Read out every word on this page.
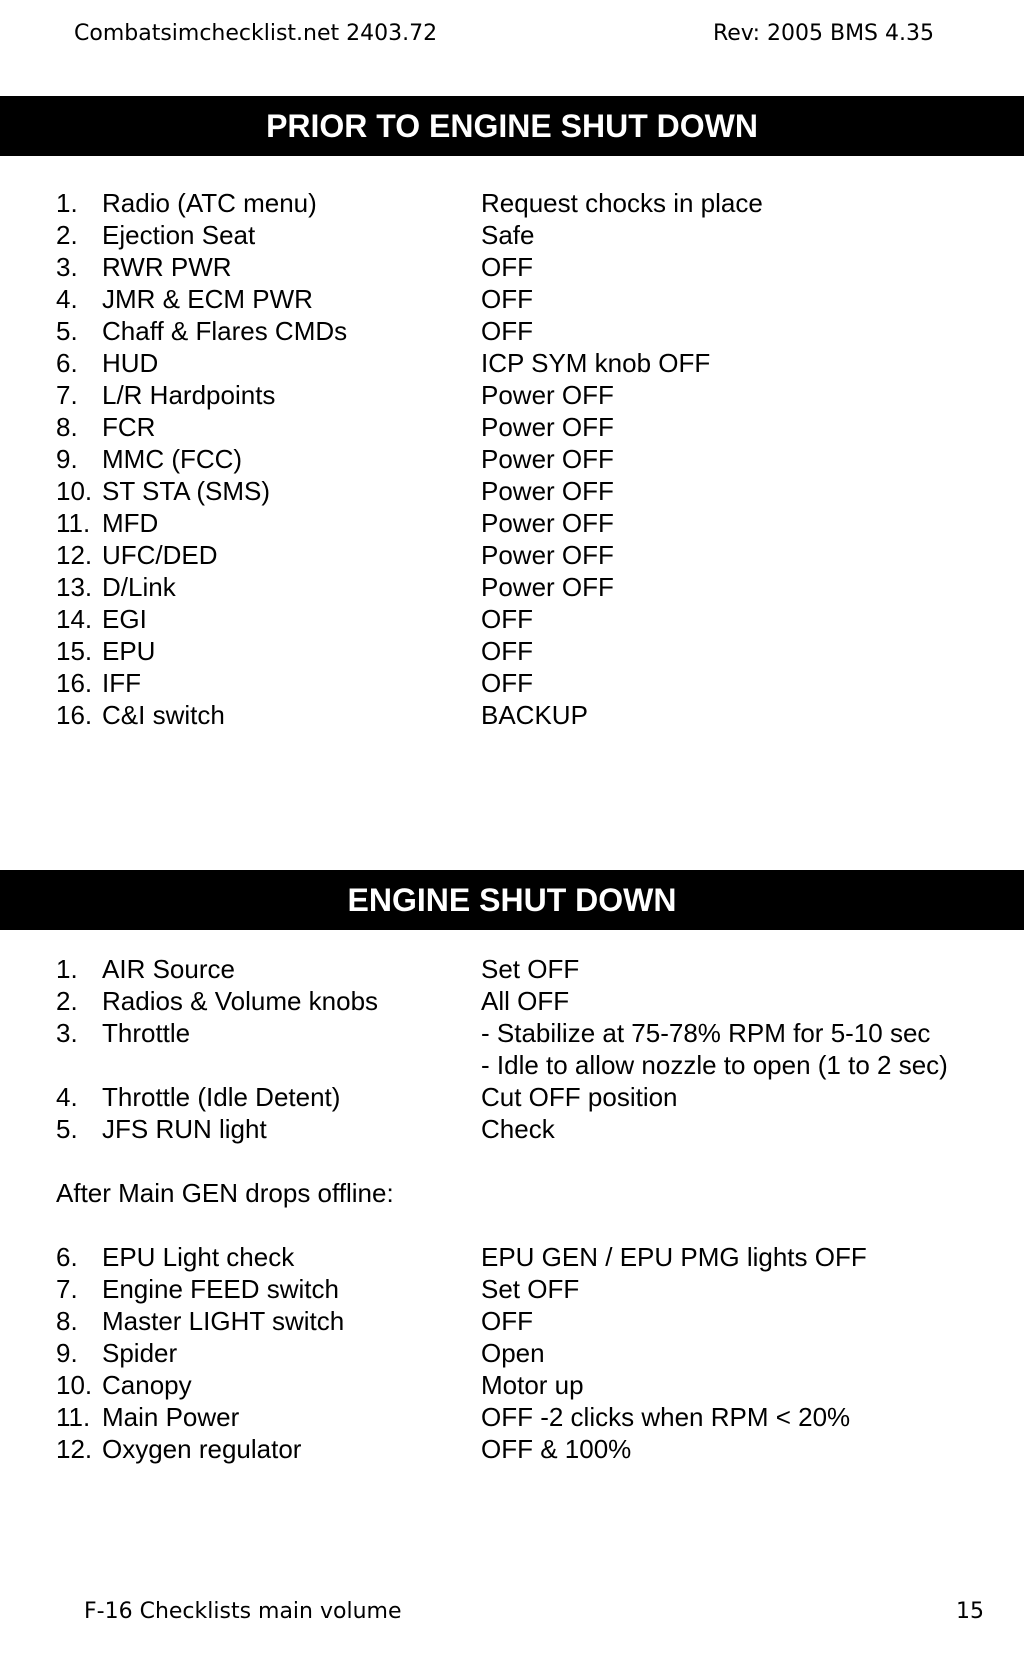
Combatsimchecklist.net 2403.72	Rev: 2005 BMS 4.35
PRIOR TO ENGINE SHUT DOWN
1. Radio (ATC menu)	Request chocks in place
2. Ejection Seat	Safe
3. RWR PWR	OFF
4. JMR & ECM PWR	OFF
5. Chaff & Flares CMDs	OFF
6. HUD	ICP SYM knob OFF
7. L/R Hardpoints	Power OFF
8. FCR	Power OFF
9. MMC (FCC)	Power OFF
10. ST STA (SMS)	Power OFF
11. MFD	Power OFF
12. UFC/DED	Power OFF
13. D/Link	Power OFF
14. EGI	OFF
15. EPU	OFF
16. IFF	OFF
16. C&I switch	BACKUP
ENGINE SHUT DOWN
1. AIR Source	Set OFF
2. Radios & Volume knobs	All OFF
3. Throttle	- Stabilize at 75-78% RPM for 5-10 sec
- Idle to allow nozzle to open (1 to 2 sec)
4. Throttle (Idle Detent)	Cut OFF position
5. JFS RUN light	Check
After Main GEN drops offline:
6. EPU Light check	EPU GEN / EPU PMG lights OFF
7. Engine FEED switch	Set OFF
8. Master LIGHT switch	OFF
9. Spider	Open
10. Canopy	Motor up
11. Main Power	OFF -2 clicks when RPM < 20%
12. Oxygen regulator	OFF & 100%
F-16 Checklists main volume	15
